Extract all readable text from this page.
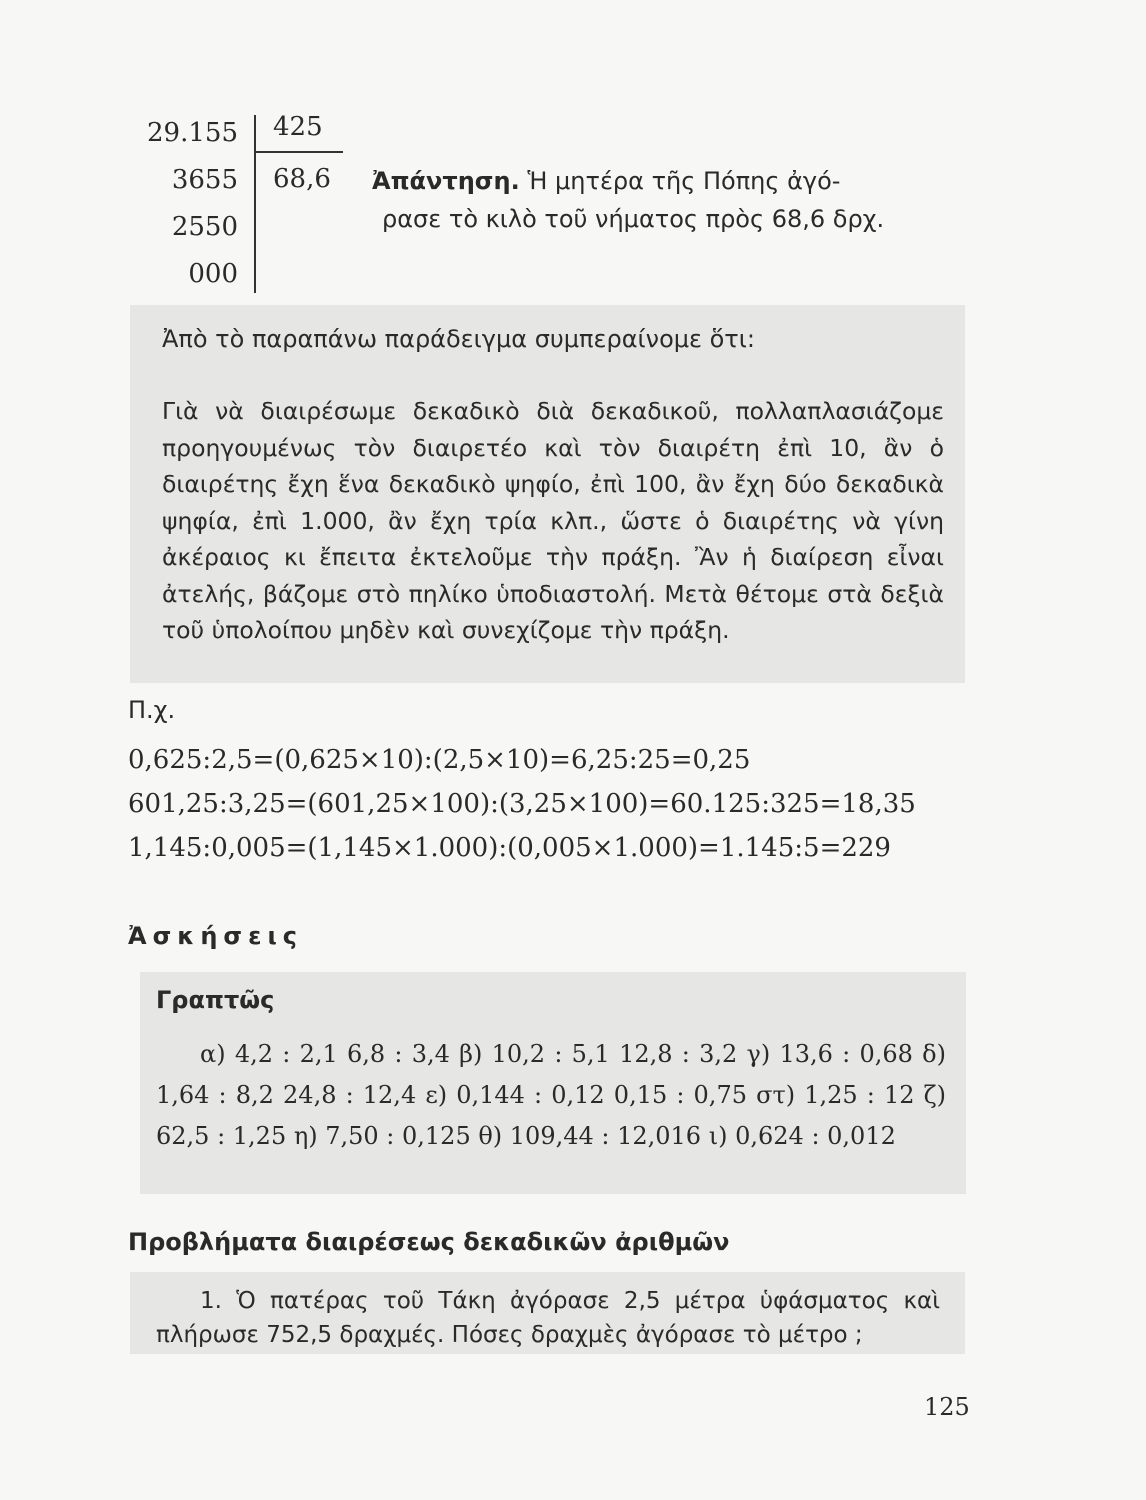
29.155
3655
2550
000
425
68,6 Ἀπάντηση. Ἡ μητέρα τῆς Πόπης ἀγό-
ρασε τὸ κιλὸ τοῦ νήματος πρὸς 68,6 δρχ.
Ἀπὸ τὸ παραπάνω παράδειγμα συμπεραίνομε ὅτι:
Γιὰ νὰ διαιρέσωμε δεκαδικὸ διὰ δεκαδικοῦ, πολλαπλασιάζομε προηγουμένως τὸν διαιρετέο καὶ τὸν διαιρέτη ἐπὶ 10, ἂν ὁ διαιρέτης ἔχη ἕνα δεκαδικὸ ψηφίο, ἐπὶ 100, ἂν ἔχη δύο δεκαδικὰ ψηφία, ἐπὶ 1.000, ἂν ἔχη τρία κλπ., ὥστε ὁ διαιρέτης νὰ γίνη ἀκέραιος κι ἔπειτα ἐκτελοῦμε τὴν πράξη. Ἂν ἡ διαίρεση εἶναι ἀτελής, βάζομε στὸ πηλίκο ὑποδιαστολή. Μετὰ θέτομε στὰ δεξιὰ τοῦ ὑπολοίπου μηδὲν καὶ συνεχίζομε τὴν πράξη.
Π.χ.
0,625:2,5=(0,625×10):(2,5×10)=6,25:25=0,25
601,25:3,25=(601,25×100):(3,25×100)=60.125:325=18,35
1,145:0,005=(1,145×1.000):(0,005×1.000)=1.145:5=229
Ἀσκήσεις
Γραπτῶς
α) 4,2 : 2,1 6,8 : 3,4 β) 10,2 : 5,1 12,8 : 3,2 γ) 13,6 : 0,68 δ) 1,64 : 8,2 24,8 : 12,4 ε) 0,144 : 0,12 0,15 : 0,75 στ) 1,25 : 12 ζ) 62,5 : 1,25 η) 7,50 : 0,125 θ) 109,44 : 12,016 ι) 0,624 : 0,012
Προβλήματα διαιρέσεως δεκαδικῶν ἀριθμῶν
1. Ὁ πατέρας τοῦ Τάκη ἀγόρασε 2,5 μέτρα ὑφάσματος καὶ πλήρωσε 752,5 δραχμές. Πόσες δραχμὲς ἀγόρασε τὸ μέτρο ;
125
